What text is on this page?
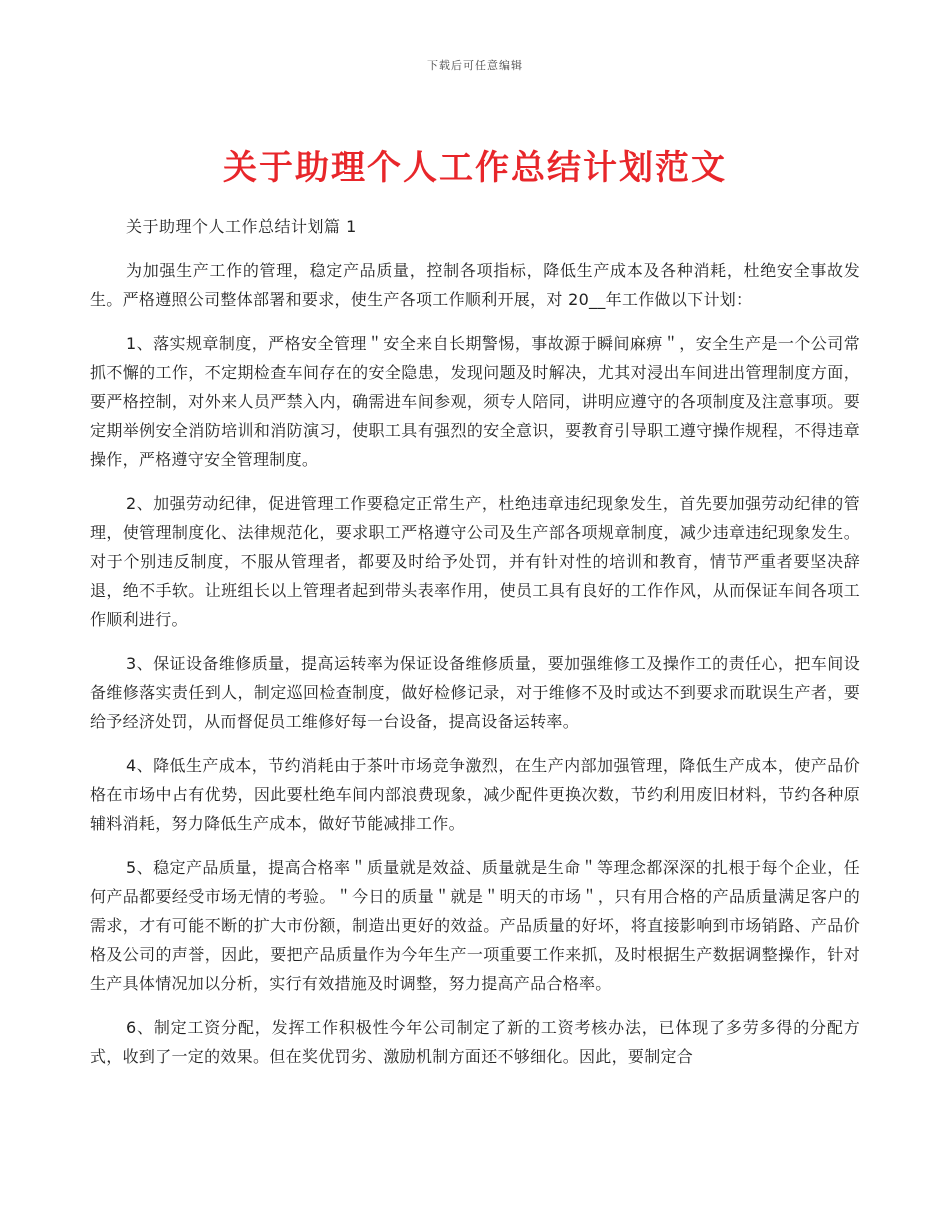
下载后可任意编辑
关于助理个人工作总结计划范文

关于助理个人工作总结计划篇 1

为加强生产工作的管理，稳定产品质量，控制各项指标，降低生产成本及各种消耗，杜绝安全事故发生。严格遵照公司整体部署和要求，使生产各项工作顺利开展，对 20__年工作做以下计划：

1、落实规章制度，严格安全管理＂安全来自长期警惕，事故源于瞬间麻痹＂，安全生产是一个公司常抓不懈的工作，不定期检查车间存在的安全隐患，发现问题及时解决，尤其对浸出车间进出管理制度方面，要严格控制，对外来人员严禁入内，确需进车间参观，须专人陪同，讲明应遵守的各项制度及注意事项。要定期举例安全消防培训和消防演习，使职工具有强烈的安全意识，要教育引导职工遵守操作规程，不得违章操作，严格遵守安全管理制度。

2、加强劳动纪律，促进管理工作要稳定正常生产，杜绝违章违纪现象发生，首先要加强劳动纪律的管理，使管理制度化、法律规范化，要求职工严格遵守公司及生产部各项规章制度，减少违章违纪现象发生。对于个别违反制度，不服从管理者，都要及时给予处罚，并有针对性的培训和教育，情节严重者要坚决辞退，绝不手软。让班组长以上管理者起到带头表率作用，使员工具有良好的工作作风，从而保证车间各项工作顺利进行。

3、保证设备维修质量，提高运转率为保证设备维修质量，要加强维修工及操作工的责任心，把车间设备维修落实责任到人，制定巡回检查制度，做好检修记录，对于维修不及时或达不到要求而耽误生产者，要给予经济处罚，从而督促员工维修好每一台设备，提高设备运转率。

4、降低生产成本，节约消耗由于茶叶市场竞争激烈，在生产内部加强管理，降低生产成本，使产品价格在市场中占有优势，因此要杜绝车间内部浪费现象，减少配件更换次数，节约利用废旧材料，节约各种原辅料消耗，努力降低生产成本，做好节能减排工作。

5、稳定产品质量，提高合格率＂质量就是效益、质量就是生命＂等理念都深深的扎根于每个企业，任何产品都要经受市场无情的考验。＂今日的质量＂就是＂明天的市场＂，只有用合格的产品质量满足客户的需求，才有可能不断的扩大市份额，制造出更好的效益。产品质量的好坏，将直接影响到市场销路、产品价格及公司的声誉，因此，要把产品质量作为今年生产一项重要工作来抓，及时根据生产数据调整操作，针对生产具体情况加以分析，实行有效措施及时调整，努力提高产品合格率。

6、制定工资分配，发挥工作积极性今年公司制定了新的工资考核办法，已体现了多劳多得的分配方式，收到了一定的效果。但在奖优罚劣、激励机制方面还不够细化。因此，要制定合
